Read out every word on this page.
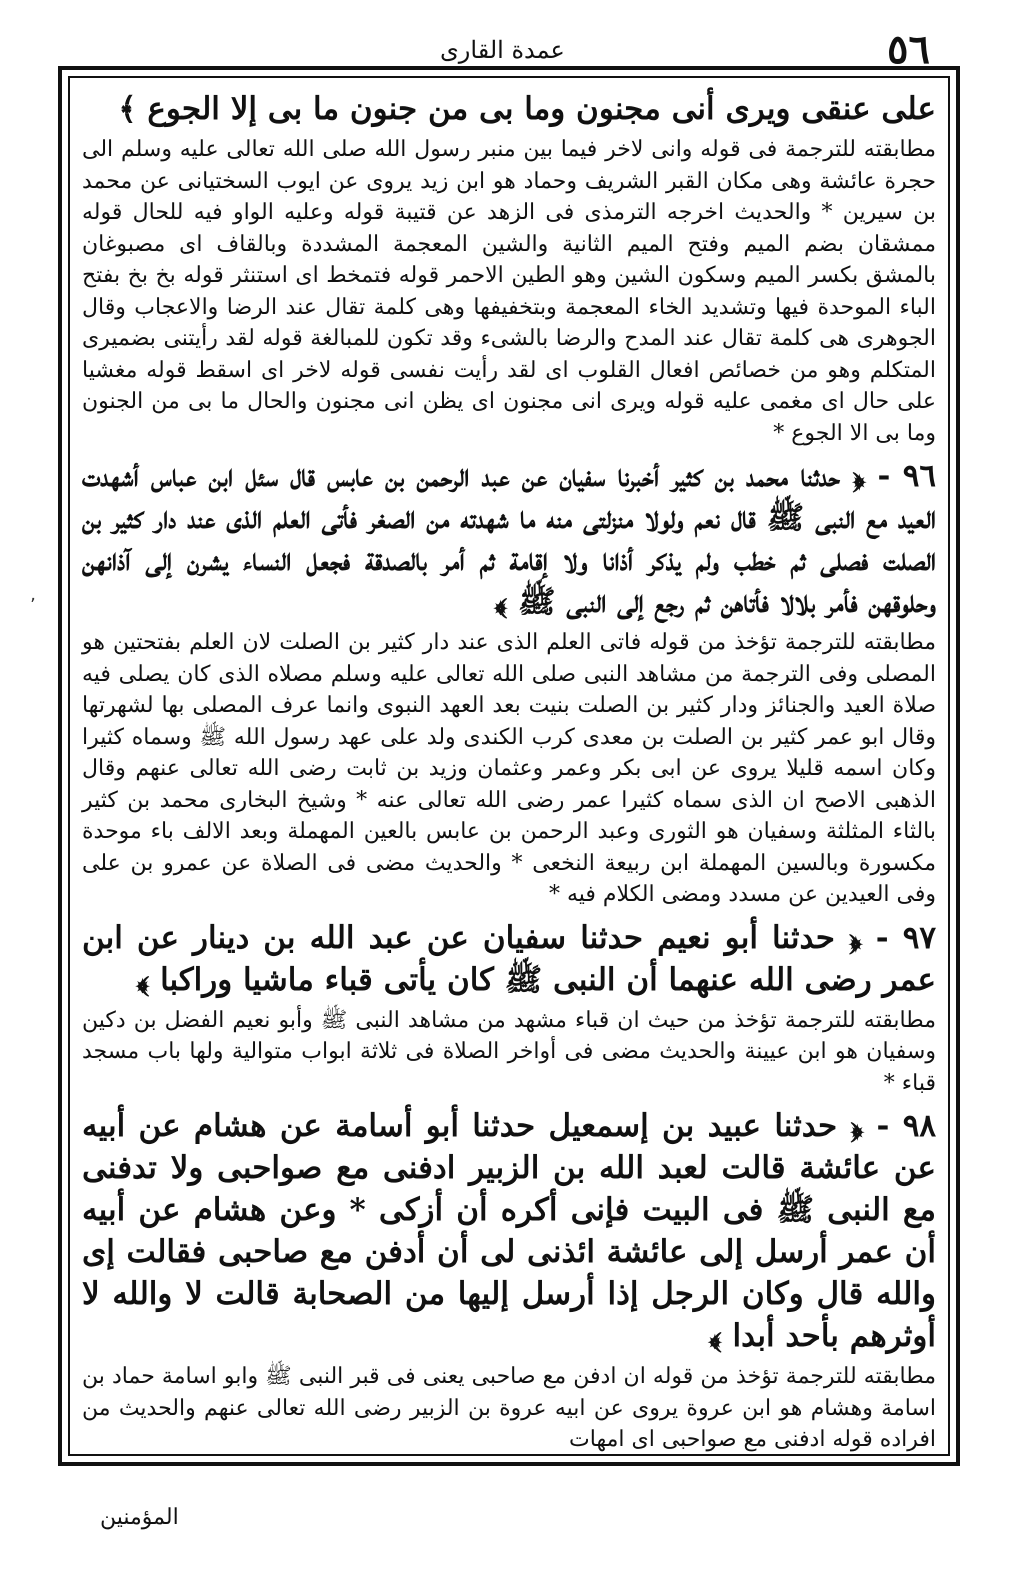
٥٦
عمدة القاری

علی عنقی ویری أنی مجنون وما بی من جنون ما بی إلا الجوع ﴾

مطابقته للترجمة فی قوله وانی لاخر فیما بین منبر رسول الله صلی الله تعالی علیه وسلم الی حجرة عائشة وهی مکان القبر الشریف وحماد هو ابن زید یروی عن ایوب السختیانی عن محمد بن سیرین * والحدیث اخرجه الترمذی فی الزهد عن قتیبة قوله وعلیه الواو فیه للحال قوله ممشقان بضم المیم وفتح المیم الثانیة والشین المعجمة المشددة وبالقاف ای مصبوغان بالمشق بکسر المیم وسکون الشین وهو الطین الاحمر قوله فتمخط ای استنثر قوله بخ بخ بفتح الباء الموحدة فیها وتشدید الخاء المعجمة وبتخفیفها وهی کلمة تقال عند الرضا والاعجاب وقال الجوهری هی کلمة تقال عند المدح والرضا بالشیء وقد تکون للمبالغة قوله لقد رأیتنی بضمیری المتکلم وهو من خصائص افعال القلوب ای لقد رأیت نفسی قوله لاخر ای اسقط قوله مغشیا علی حال ای مغمی علیه قوله ویری انی مجنون ای یظن انی مجنون والحال ما بی من الجنون وما بی الا الجوع *

٩٦ - ﴿ حدثنا محمد بن کثیر أخبرنا سفیان عن عبد الرحمن بن عابس قال سئل ابن عباس أشهدت العید مع النبی ﷺ قال نعم ولولا منزلتی منه ما شهدته من الصغر فأتی العلم الذی عند دار کثیر بن الصلت فصلی ثم خطب ولم یذکر أذانا ولا إقامة ثم أمر بالصدقة فجعل النساء یشرن إلی آذانهن وحلوقهن فأمر بلالا فأتاهن ثم رجع إلی النبی ﷺ ﴾

مطابقته للترجمة تؤخذ من قوله فاتی العلم الذی عند دار کثیر بن الصلت لان العلم بفتحتین هو المصلی وفی الترجمة من مشاهد النبی صلی الله تعالی علیه وسلم مصلاه الذی کان یصلی فیه صلاة العید والجنائز ودار کثیر بن الصلت بنیت بعد العهد النبوی وانما عرف المصلی بها لشهرتها وقال ابو عمر کثیر بن الصلت بن معدی کرب الکندی ولد علی عهد رسول الله ﷺ وسماه کثیرا وکان اسمه قلیلا یروی عن ابی بکر وعمر وعثمان وزید بن ثابت رضی الله تعالی عنهم وقال الذهبی الاصح ان الذی سماه کثیرا عمر رضی الله تعالی عنه * وشیخ البخاری محمد بن کثیر بالثاء المثلثة وسفیان هو الثوری وعبد الرحمن بن عابس بالعین المهملة وبعد الالف باء موحدة مکسورة وبالسین المهملة ابن ربیعة النخعی * والحدیث مضی فی الصلاة عن عمرو بن علی وفی العیدین عن مسدد ومضی الکلام فیه *

٩٧ - ﴿ حدثنا أبو نعیم حدثنا سفیان عن عبد الله بن دینار عن ابن عمر رضی الله عنهما أن النبی ﷺ کان یأتی قباء ماشیا وراکبا ﴾

مطابقته للترجمة تؤخذ من حیث ان قباء مشهد من مشاهد النبی ﷺ وأبو نعیم الفضل بن دکین وسفیان هو ابن عیینة والحدیث مضی فی أواخر الصلاة فی ثلاثة ابواب متوالیة ولها باب مسجد قباء *

٩٨ - ﴿ حدثنا عبید بن إسمعیل حدثنا أبو أسامة عن هشام عن أبیه عن عائشة قالت لعبد الله بن الزبیر ادفنی مع صواحبی ولا تدفنی مع النبی ﷺ فی البیت فإنی أکره أن أزکی * وعن هشام عن أبیه أن عمر أرسل إلی عائشة ائذنی لی أن أدفن مع صاحبی فقالت إی والله قال وکان الرجل إذا أرسل إلیها من الصحابة قالت لا والله لا أوثرهم بأحد أبدا ﴾

مطابقته للترجمة تؤخذ من قوله ان ادفن مع صاحبی یعنی فی قبر النبی ﷺ وابو اسامة حماد بن اسامة وهشام هو ابن عروة یروی عن ابیه عروة بن الزبیر رضی الله تعالی عنهم والحدیث من افراده قوله ادفنی مع صواحبی ای امهات

٬
المؤمنین
